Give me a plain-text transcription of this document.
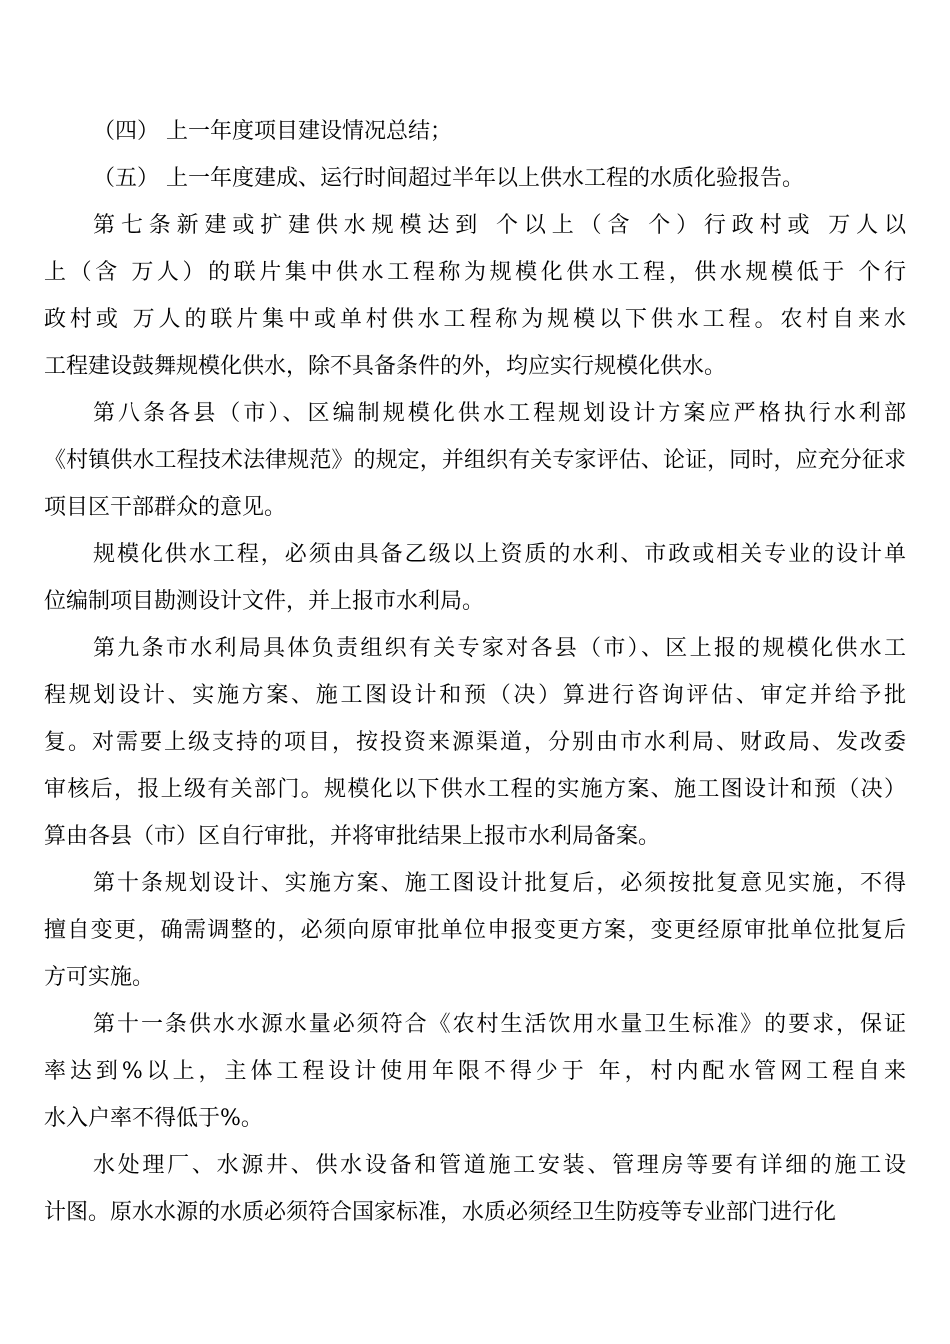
（四） 上一年度项目建设情况总结；
（五） 上一年度建成、运行时间超过半年以上供水工程的水质化验报告。
第七条新建或扩建供水规模达到 个以上（含 个）行政村或 万人以
上（含 万人）的联片集中供水工程称为规模化供水工程，供水规模低于 个行
政村或 万人的联片集中或单村供水工程称为规模以下供水工程。农村自来水
工程建设鼓舞规模化供水，除不具备条件的外，均应实行规模化供水。
第八条各县（市）、区编制规模化供水工程规划设计方案应严格执行水利部
《村镇供水工程技术法律规范》的规定，并组织有关专家评估、论证，同时，应充分征求
项目区干部群众的意见。
规模化供水工程，必须由具备乙级以上资质的水利、市政或相关专业的设计单
位编制项目勘测设计文件，并上报市水利局。
第九条市水利局具体负责组织有关专家对各县（市）、区上报的规模化供水工
程规划设计、实施方案、施工图设计和预（决）算进行咨询评估、审定并给予批
复。对需要上级支持的项目，按投资来源渠道，分别由市水利局、财政局、发改委
审核后，报上级有关部门。规模化以下供水工程的实施方案、施工图设计和预（决）
算由各县（市）区自行审批，并将审批结果上报市水利局备案。
第十条规划设计、实施方案、施工图设计批复后，必须按批复意见实施，不得
擅自变更，确需调整的，必须向原审批单位申报变更方案，变更经原审批单位批复后
方可实施。
第十一条供水水源水量必须符合《农村生活饮用水量卫生标准》的要求，保证
率达到%以上，主体工程设计使用年限不得少于 年，村内配水管网工程自来
水入户率不得低于%。
水处理厂、水源井、供水设备和管道施工安装、管理房等要有详细的施工设
计图。原水水源的水质必须符合国家标准，水质必须经卫生防疫等专业部门进行化
